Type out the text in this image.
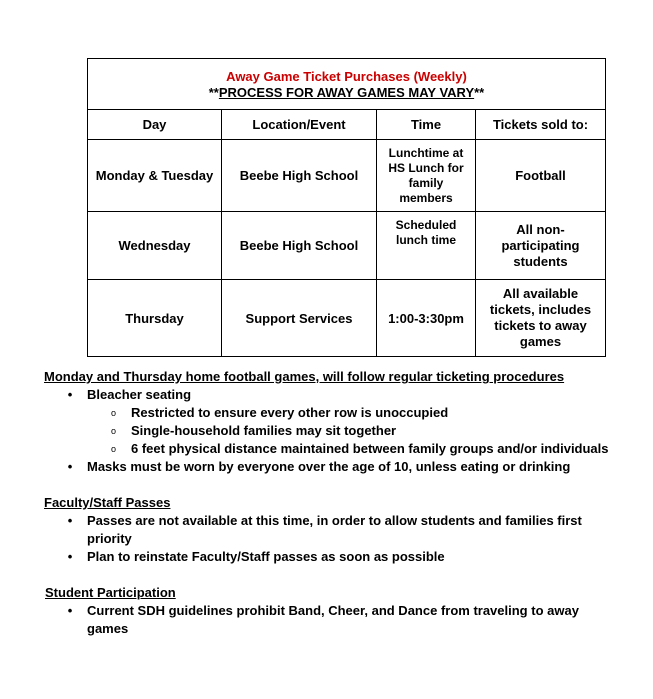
Away Game Ticket Purchases (Weekly)
**PROCESS FOR AWAY GAMES MAY VARY**			

Day	Location/Event	Time	Tickets sold to:
Monday & Tuesday	Beebe High School	Lunchtime at HS Lunch for family members	Football
Wednesday	Beebe High School	Scheduled lunch time	All non-participating students
Thursday	Support Services	1:00-3:30pm	All available tickets, includes tickets to away games

Monday and Thursday home football games, will follow regular ticketing procedures

• Bleacher seating
o Restricted to ensure every other row is unoccupied
o Single-household families may sit together
o 6 feet physical distance maintained between family groups and/or individuals
• Masks must be worn by everyone over the age of 10, unless eating or drinking

Faculty/Staff Passes

• Passes are not available at this time, in order to allow students and families first priority
• Plan to reinstate Faculty/Staff passes as soon as possible

Student Participation

• Current SDH guidelines prohibit Band, Cheer, and Dance from traveling to away games
